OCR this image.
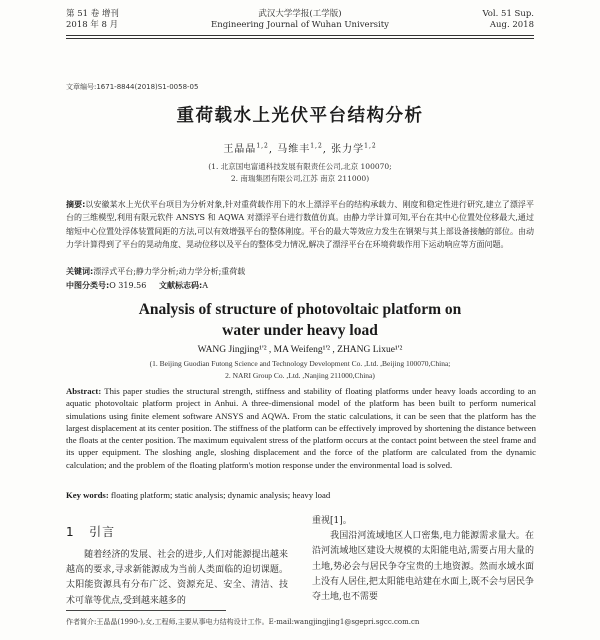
第 51 卷 增刊
2018 年 8 月
武汉大学学报(工学版)
Engineering Journal of Wuhan University
Vol. 51 Sup.
Aug. 2018
文章编号:1671-8844(2018)S1-0058-05
重荷载水上光伏平台结构分析
王晶晶$^{1,2}$, 马维丰$^{1,2}$, 张力学$^{1,2}$
(1. 北京国电富通科技发展有限责任公司,北京 100070;
2. 南瑞集团有限公司,江苏 南京 211000)
摘要:以安徽某水上光伏平台项目为分析对象,针对重荷载作用下的水上漂浮平台的结构承载力、刚度和稳定性进行研究,建立了漂浮平台的三维模型,利用有限元软件 ANSYS 和 AQWA 对漂浮平台进行数值仿真。由静力学计算可知,平台在其中心位置处位移最大,通过缩短中心位置处浮体装置间距的方法,可以有效增强平台的整体刚度。平台的最大等效应力发生在钢架与其上部设备接触的部位。由动力学计算得到了平台的晃动角度、晃动位移以及平台的整体受力情况,解决了漂浮平台在环境荷载作用下运动响应等方面问题。
关键词:漂浮式平台;静力学分析;动力学分析;重荷载
中图分类号:O 319.56 文献标志码:A
Analysis of structure of photovoltaic platform on
water under heavy load
WANG Jingjing¹'² , MA Weifeng¹'² , ZHANG Lixue¹'²
(1. Beijing Guodian Futong Science and Technology Development Co. ,Ltd. ,Beijing 100070,China;
2. NARI Group Co. ,Ltd. ,Nanjing 211000,China)
Abstract: This paper studies the structural strength, stiffness and stability of floating platforms under heavy loads according to an aquatic photovoltaic platform project in Anhui. A three-dimensional model of the platform has been built to perform numerical simulations using finite element software ANSYS and AQWA. From the static calculations, it can be seen that the platform has the largest displacement at its center position. The stiffness of the platform can be effectively improved by shortening the distance between the floats at the center position. The maximum equivalent stress of the platform occurs at the contact point between the steel frame and its upper equipment. The sloshing angle, sloshing displacement and the force of the platform are calculated from the dynamic calculation; and the problem of the floating platform's motion response under the environmental load is solved.
Key words: floating platform; static analysis; dynamic analysis; heavy load
1 引言
随着经济的发展、社会的进步,人们对能源提出越来越高的要求,寻求新能源成为当前人类面临的迫切课题。太阳能资源具有分布广泛、资源充足、安全、清洁、技术可靠等优点,受到越来越多的
重视[1]。
我国沿河流域地区人口密集,电力能源需求量大。在沿河流域地区建设大规模的太阳能电站,需要占用大量的土地,势必会与居民争夺宝贵的土地资源。然而水域水面上没有人居住,把太阳能电站建在水面上,既不会与居民争夺土地,也不需要
作者简介:王晶晶(1990-),女,工程师,主要从事电力结构设计工作。E-mail:wangjingjing1@sgepri.sgcc.com.cn
